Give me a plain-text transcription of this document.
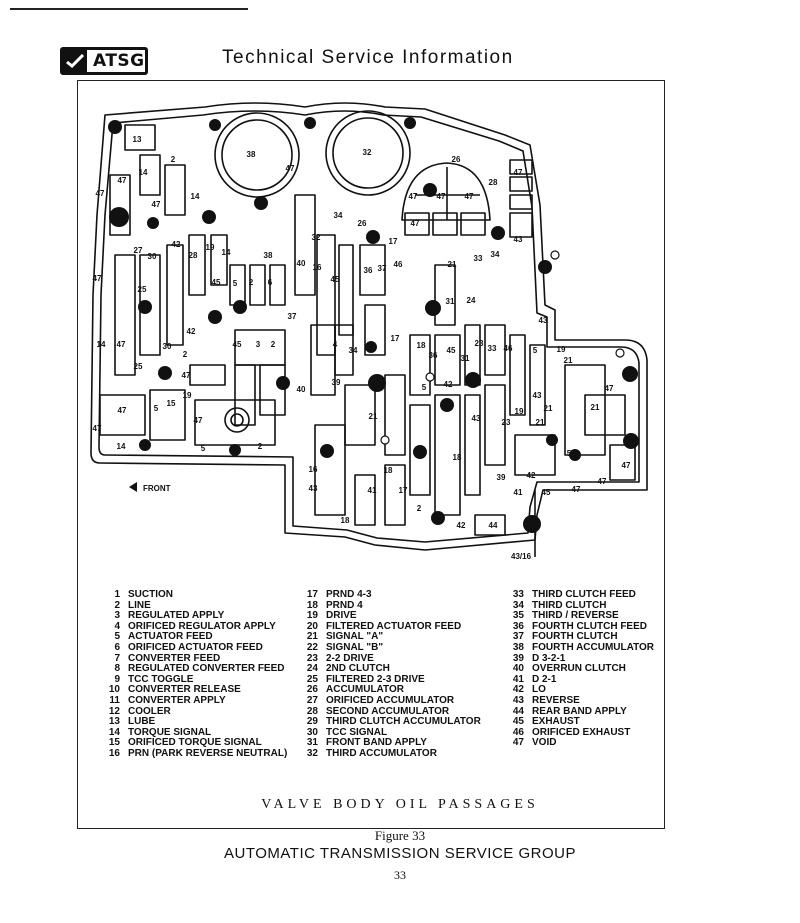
ATSG	Technical Service Information
13
2
38
47
32
26
28
47
14
47	14
47
47
47 47 47
47
34
32
26
17	43
27
30
42
28
19
14	38
40 16
45
36 37 46	21
33 34
47
25
45 5 2 6
37
31 24
43
14 47
42
30
2
45 3 2	4
34 41
17
18
36
45
31
23
33 46	5 19
21
25
47
19
47
40
39
5 42
21
21
47
5
15
47
21
43
47
19
43	23	21
5
14	5	2
16
43
18
41	17
2
18
42	44
39	42
41 45	47
47
47
18
FRONT
43/16
1 SUCTION
2 LINE
3 REGULATED APPLY
4 ORIFICED REGULATOR APPLY
5 ACTUATOR FEED
6 ORIFICED ACTUATOR FEED
7 CONVERTER FEED
8 REGULATED CONVERTER FEED
9 TCC TOGGLE
10 CONVERTER RELEASE
11 CONVERTER APPLY
12 COOLER
13 LUBE
14 TORQUE SIGNAL
15 ORIFICED TORQUE SIGNAL
16 PRN (PARK REVERSE NEUTRAL)
17 PRND 4-3
18 PRND 4
19 DRIVE
20 FILTERED ACTUATOR FEED
21 SIGNAL "A"
22 SIGNAL "B"
23 2-2 DRIVE
24 2ND CLUTCH
25 FILTERED 2-3 DRIVE
26 ACCUMULATOR
27 ORIFICED ACCUMULATOR
28 SECOND ACCUMULATOR
29 THIRD CLUTCH ACCUMULATOR
30 TCC SIGNAL
31 FRONT BAND APPLY
32 THIRD ACCUMULATOR
33 THIRD CLUTCH FEED
34 THIRD CLUTCH
35 THIRD / REVERSE
36 FOURTH CLUTCH FEED
37 FOURTH CLUTCH
38 FOURTH ACCUMULATOR
39 D 3-2-1
40 OVERRUN CLUTCH
41 D 2-1
42 LO
43 REVERSE
44 REAR BAND APPLY
45 EXHAUST
46 ORIFICED EXHAUST
47 VOID
VALVE BODY OIL PASSAGES
Figure 33
AUTOMATIC TRANSMISSION SERVICE GROUP
33
